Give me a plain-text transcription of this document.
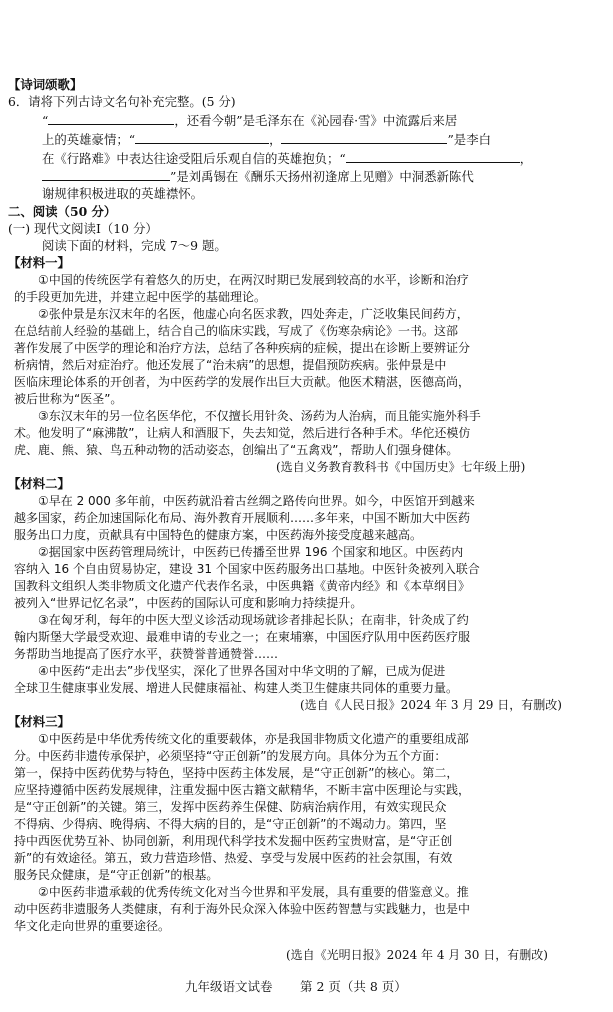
【诗词颂歌】
6．请将下列古诗文名句补充完整。(5 分)
“	，还看今朝”是毛泽东在《沁园春·雪》中流露后来居
上的英雄豪情；“	，	”是李白
在《行路难》中表达往途受阻后乐观自信的英雄抱负；“	，
”是刘禹锡在《酬乐天扬州初逢席上见赠》中洞悉新陈代
谢规律积极进取的英雄襟怀。
二、阅读（50 分）
(一) 现代文阅读Ⅰ（10 分）
阅读下面的材料，完成 7～9 题。
【材料一】
①中国的传统医学有着悠久的历史，在两汉时期已发展到较高的水平，诊断和治疗
的手段更加先进，并建立起中医学的基础理论。
②张仲景是东汉末年的名医，他虚心向名医求教，四处奔走，广泛收集民间药方，
在总结前人经验的基础上，结合自己的临床实践，写成了《伤寒杂病论》一书。这部
著作发展了中医学的理论和治疗方法，总结了各种疾病的症候，提出在诊断上要辨证分
析病情，然后对症治疗。他还发展了“治未病”的思想，提倡预防疾病。张仲景是中
医临床理论体系的开创者，为中医药学的发展作出巨大贡献。他医术精湛，医德高尚，
被后世称为“医圣”。
③东汉末年的另一位名医华佗，不仅擅长用针灸、汤药为人治病，而且能实施外科手
术。他发明了“麻沸散”，让病人和酒服下，失去知觉，然后进行各种手术。华佗还模仿
虎、鹿、熊、猿、鸟五种动物的活动姿态，创编出了“五禽戏”，帮助人们强身健体。
(选自义务教育教科书《中国历史》七年级上册)
【材料二】
①早在 2 000 多年前，中医药就沿着古丝绸之路传向世界。如今，中医馆开到越来
越多国家，药企加速国际化布局、海外教育开展顺利……多年来，中国不断加大中医药
服务出口力度，贡献具有中国特色的健康方案，中医药海外接受度越来越高。
②据国家中医药管理局统计，中医药已传播至世界 196 个国家和地区。中医药内
容纳入 16 个自由贸易协定，建设 31 个国家中医药服务出口基地。中医针灸被列入联合
国教科文组织人类非物质文化遗产代表作名录，中医典籍《黄帝内经》和《本草纲目》
被列入“世界记忆名录”，中医药的国际认可度和影响力持续提升。
③在匈牙利，每年的中医大型义诊活动现场就诊者排起长队；在南非，针灸成了约
翰内斯堡大学最受欢迎、最难申请的专业之一；在柬埔寨，中国医疗队用中医药医疗服
务帮助当地提高了医疗水平，获赞誉普通赞誉……
④中医药“走出去”步伐坚实，深化了世界各国对中华文明的了解，已成为促进
全球卫生健康事业发展、增进人民健康福祉、构建人类卫生健康共同体的重要力量。
(选自《人民日报》2024 年 3 月 29 日，有删改)
【材料三】
①中医药是中华优秀传统文化的重要载体，亦是我国非物质文化遗产的重要组成部
分。中医药非遗传承保护，必须坚持“守正创新”的发展方向。具体分为五个方面：
第一，保持中医药优势与特色，坚持中医药主体发展，是“守正创新”的核心。第二，
应坚持遵循中医药发展规律，注重发掘中医古籍文献精华，不断丰富中医理论与实践，
是“守正创新”的关键。第三，发挥中医药养生保健、防病治病作用，有效实现民众
不得病、少得病、晚得病、不得大病的目的，是“守正创新”的不竭动力。第四，坚
持中西医优势互补、协同创新，利用现代科学技术发掘中医药宝贵财富，是“守正创
新”的有效途径。第五，致力营造珍惜、热爱、享受与发展中医药的社会氛围，有效
服务民众健康，是“守正创新”的根基。
②中医药非遗承载的优秀传统文化对当今世界和平发展，具有重要的借鉴意义。推
动中医药非遗服务人类健康，有利于海外民众深入体验中医药智慧与实践魅力，也是中
华文化走向世界的重要途径。
(选自《光明日报》2024 年 4 月 30 日，有删改)
九年级语文试卷 第 2 页（共 8 页）
